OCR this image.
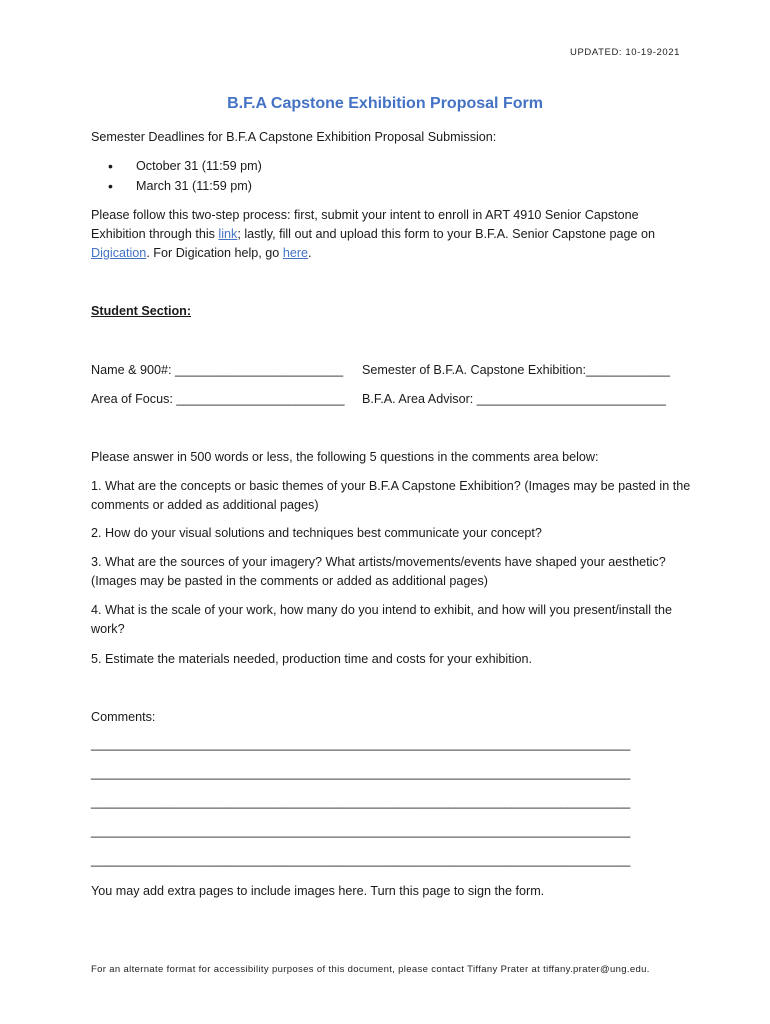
UPDATED: 10-19-2021
B.F.A Capstone Exhibition Proposal Form
Semester Deadlines for B.F.A Capstone Exhibition Proposal Submission:
• October 31 (11:59 pm)
• March 31 (11:59 pm)
Please follow this two-step process: first, submit your intent to enroll in ART 4910 Senior Capstone Exhibition through this link; lastly, fill out and upload this form to your B.F.A. Senior Capstone page on Digication. For Digication help, go here.
Student Section:
Name & 900#: ________________________ Semester of B.F.A. Capstone Exhibition:____________
Area of Focus: ________________________ B.F.A. Area Advisor: ___________________________
Please answer in 500 words or less, the following 5 questions in the comments area below:
1. What are the concepts or basic themes of your B.F.A Capstone Exhibition? (Images may be pasted in the comments or added as additional pages)
2. How do your visual solutions and techniques best communicate your concept?
3. What are the sources of your imagery? What artists/movements/events have shaped your aesthetic? (Images may be pasted in the comments or added as additional pages)
4. What is the scale of your work, how many do you intend to exhibit, and how will you present/install the work?
5. Estimate the materials needed, production time and costs for your exhibition.
Comments:
_____________________________________________________________________________
_____________________________________________________________________________
_____________________________________________________________________________
_____________________________________________________________________________
_____________________________________________________________________________
You may add extra pages to include images here. Turn this page to sign the form.
For an alternate format for accessibility purposes of this document, please contact Tiffany Prater at tiffany.prater@ung.edu.
